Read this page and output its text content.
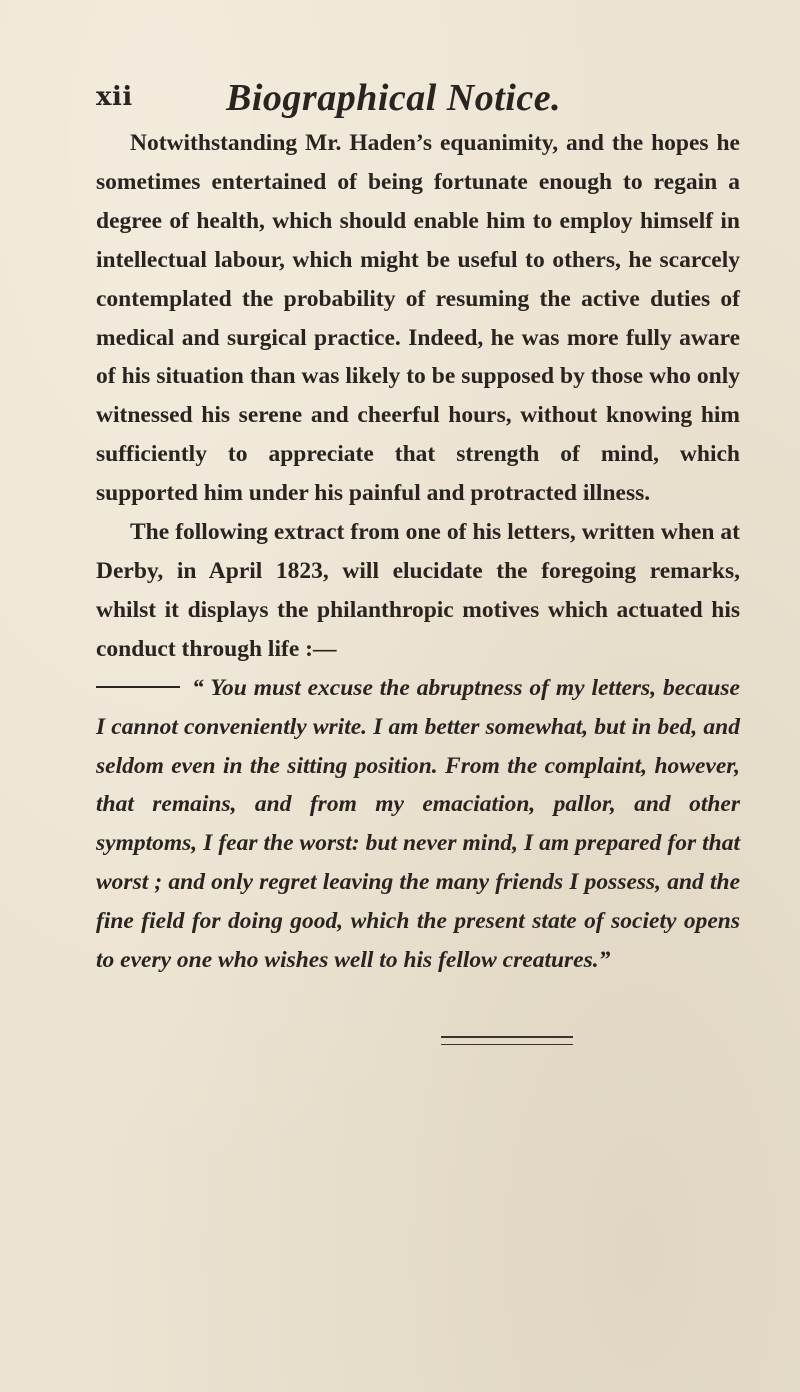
xii Biographical Notice.

Notwithstanding Mr. Haden’s equanimity, and the hopes he sometimes entertained of being fortunate enough to regain a degree of health, which should enable him to employ himself in intellectual labour, which might be useful to others, he scarcely contemplated the probability of resuming the active duties of medical and surgical practice. Indeed, he was more fully aware of his situation than was likely to be supposed by those who only witnessed his serene and cheerful hours, without knowing him sufficiently to appreciate that strength of mind, which supported him under his painful and protracted illness.

The following extract from one of his letters, written when at Derby, in April 1823, will elucidate the foregoing remarks, whilst it displays the philanthropic motives which actuated his conduct through life :—

“ You must excuse the abruptness of my letters, because I cannot conveniently write. I am better somewhat, but in bed, and seldom even in the sitting position. From the complaint, however, that remains, and from my emaciation, pallor, and other symptoms, I fear the worst: but never mind, I am prepared for that worst ; and only regret leaving the many friends I possess, and the fine field for doing good, which the present state of society opens to every one who wishes well to his fellow creatures.”
